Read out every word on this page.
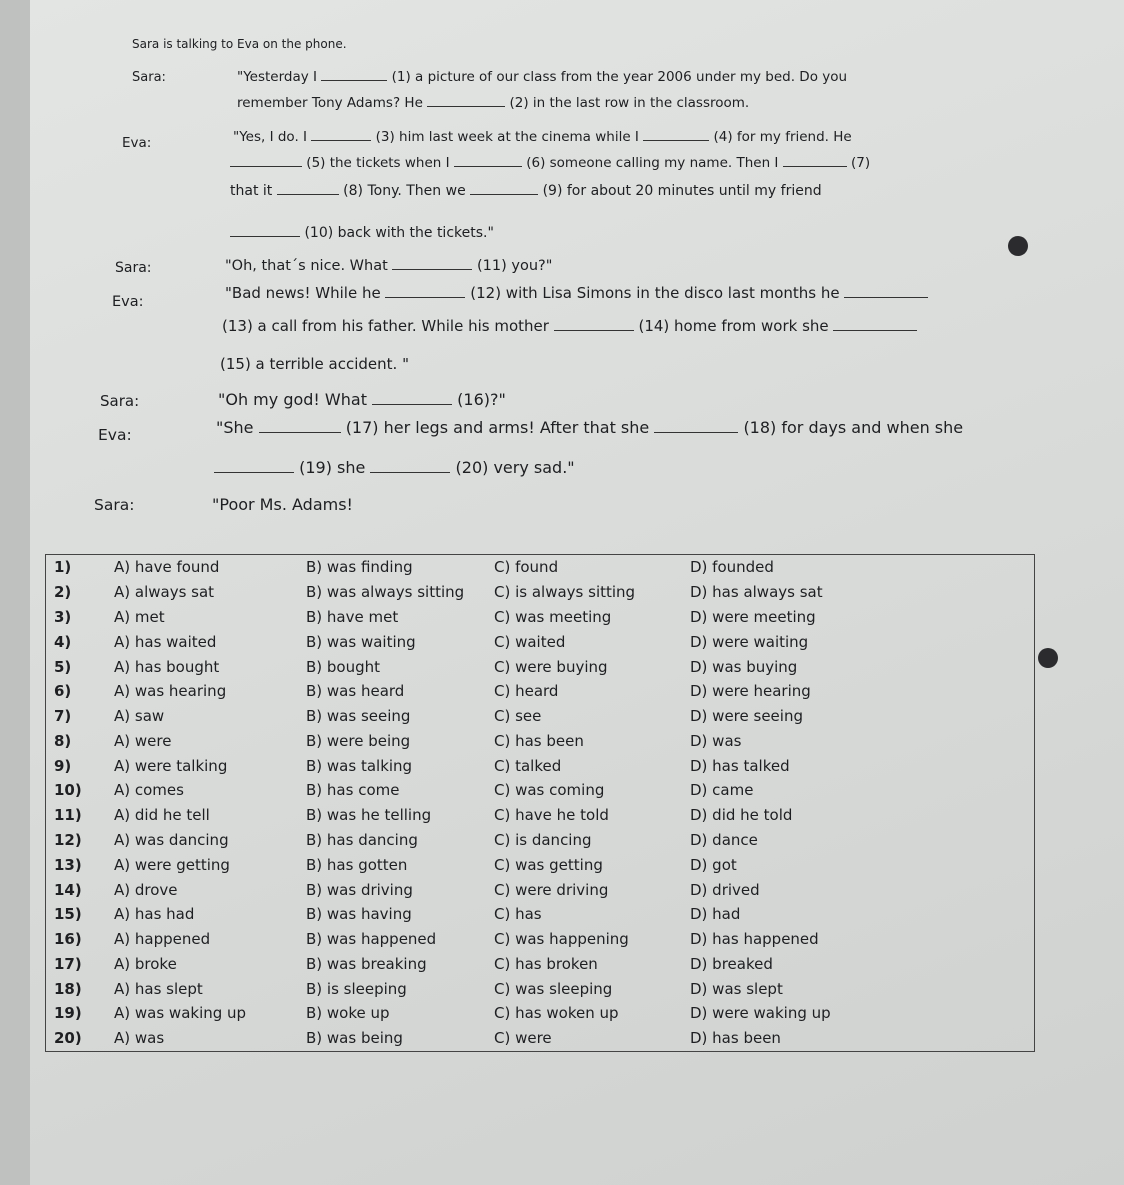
Sara is talking to Eva on the phone.
Sara:	"Yesterday I	(1) a picture of our class from the year 2006 under my bed. Do you
remember Tony Adams? He	(2) in the last row in the classroom.
Eva:	"Yes, I do. I	(3) him last week at the cinema while I	(4) for my friend. He
(5) the tickets when I	(6) someone calling my name. Then I	(7)
that it	(8) Tony. Then we	(9) for about 20 minutes until my friend
(10) back with the tickets."
Sara:	"Oh, that´s nice. What	(11) you?"
Eva:	"Bad news! While he	(12) with Lisa Simons in the disco last months he
(13) a call from his father. While his mother	(14) home from work she
(15) a terrible accident. "
Sara:	"Oh my god! What	(16)?"
Eva:	"She	(17) her legs and arms! After that she	(18) for days and when she
(19) she	(20) very sad."
Sara:	"Poor Ms. Adams!
1)	A) have found	B) was finding	C) found	D) founded
2)	A) always sat	B) was always sitting	C) is always sitting	D) has always sat
3)	A) met	B) have met	C) was meeting	D) were meeting
4)	A) has waited	B) was waiting	C) waited	D) were waiting
5)	A) has bought	B) bought	C) were buying	D) was buying
6)	A) was hearing	B) was heard	C) heard	D) were hearing
7)	A) saw	B) was seeing	C) see	D) were seeing
8)	A) were	B) were being	C) has been	D) was
9)	A) were talking	B) was talking	C) talked	D) has talked
10)	A) comes	B) has come	C) was coming	D) came
11)	A) did he tell	B) was he telling	C) have he told	D) did he told
12)	A) was dancing	B) has dancing	C) is dancing	D) dance
13)	A) were getting	B) has gotten	C) was getting	D) got
14)	A) drove	B) was driving	C) were driving	D) drived
15)	A) has had	B) was having	C) has	D) had
16)	A) happened	B) was happened	C) was happening	D) has happened
17)	A) broke	B) was breaking	C) has broken	D) breaked
18)	A) has slept	B) is sleeping	C) was sleeping	D) was slept
19)	A) was waking up	B) woke up	C) has woken up	D) were waking up
20)	A) was	B) was being	C) were	D) has been
